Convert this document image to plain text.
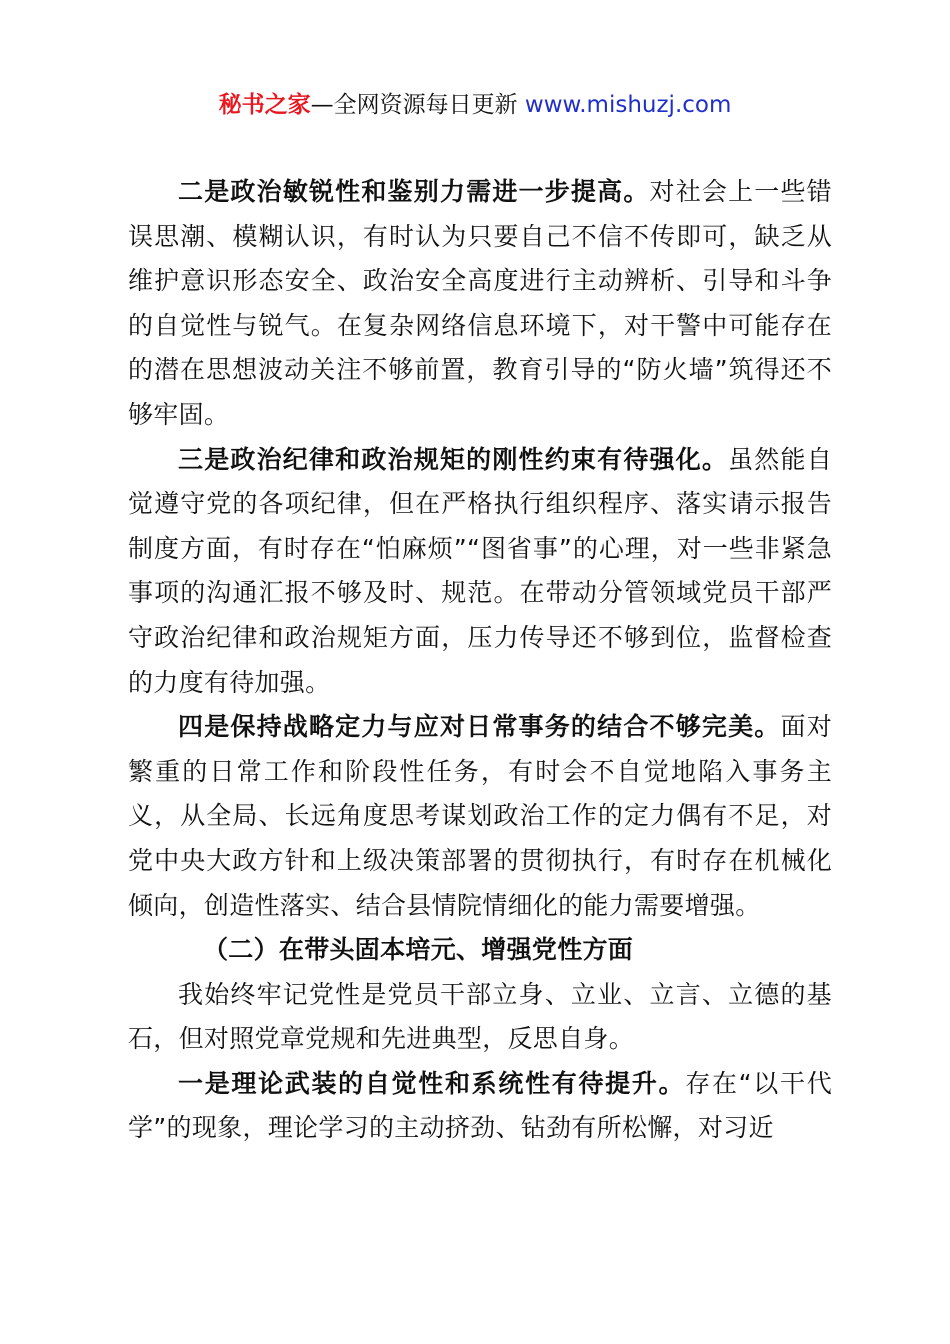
秘书之家—全网资源每日更新 www.mishuzj.com

二是政治敏锐性和鉴别力需进一步提高。对社会上一些错误思潮、模糊认识，有时认为只要自己不信不传即可，缺乏从维护意识形态安全、政治安全高度进行主动辨析、引导和斗争的自觉性与锐气。在复杂网络信息环境下，对干警中可能存在的潜在思想波动关注不够前置，教育引导的“防火墙”筑得还不够牢固。

三是政治纪律和政治规矩的刚性约束有待强化。虽然能自觉遵守党的各项纪律，但在严格执行组织程序、落实请示报告制度方面，有时存在“怕麻烦”“图省事”的心理，对一些非紧急事项的沟通汇报不够及时、规范。在带动分管领域党员干部严守政治纪律和政治规矩方面，压力传导还不够到位，监督检查的力度有待加强。

四是保持战略定力与应对日常事务的结合不够完美。面对繁重的日常工作和阶段性任务，有时会不自觉地陷入事务主义，从全局、长远角度思考谋划政治工作的定力偶有不足，对党中央大政方针和上级决策部署的贯彻执行，有时存在机械化倾向，创造性落实、结合县情院情细化的能力需要增强。

（二）在带头固本培元、增强党性方面

我始终牢记党性是党员干部立身、立业、立言、立德的基石，但对照党章党规和先进典型，反思自身。

一是理论武装的自觉性和系统性有待提升。存在“以干代学”的现象，理论学习的主动挤劲、钻劲有所松懈，对习近
